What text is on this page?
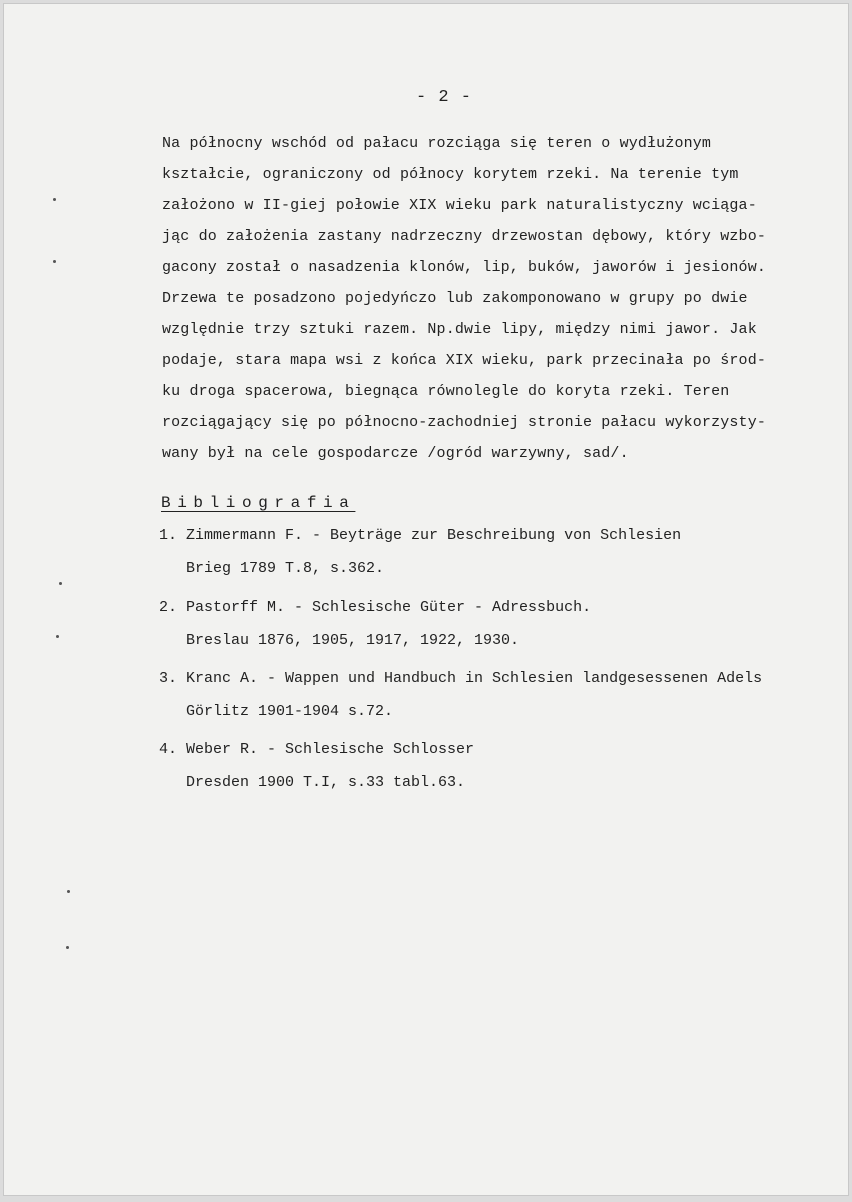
- 2 -
Na północny wschód od pałacu rozciąga się teren o wydłużonym
kształcie, ograniczony od północy korytem rzeki. Na terenie tym
założono w II-giej połowie XIX wieku park naturalistyczny wciąga-
jąc do założenia zastany nadrzeczny drzewostan dębowy, który wzbo-
gacony został o nasadzenia klonów, lip, buków, jaworów i jesionów.
Drzewa te posadzono pojedyńczo lub zakomponowano w grupy po dwie
względnie trzy sztuki razem. Np.dwie lipy, między nimi jawor. Jak
podaje, stara mapa wsi z końca XIX wieku, park przecinała po środ-
ku droga spacerowa, biegnąca równolegle do koryta rzeki. Teren
rozciągający się po północno-zachodniej stronie pałacu wykorzysty-
wany był na cele gospodarcze /ogród warzywny, sad/.
Bibliografia
1. Zimmermann F. - Beyträge zur Beschreibung von Schlesien
Brieg 1789 T.8, s.362.
2. Pastorff M. - Schlesische Güter - Adressbuch.
Breslau 1876, 1905, 1917, 1922, 1930.
3. Kranc A. - Wappen und Handbuch in Schlesien landgesessenen Adels
Görlitz 1901-1904 s.72.
4. Weber R. - Schlesische Schlosser
Dresden 1900 T.I, s.33 tabl.63.
